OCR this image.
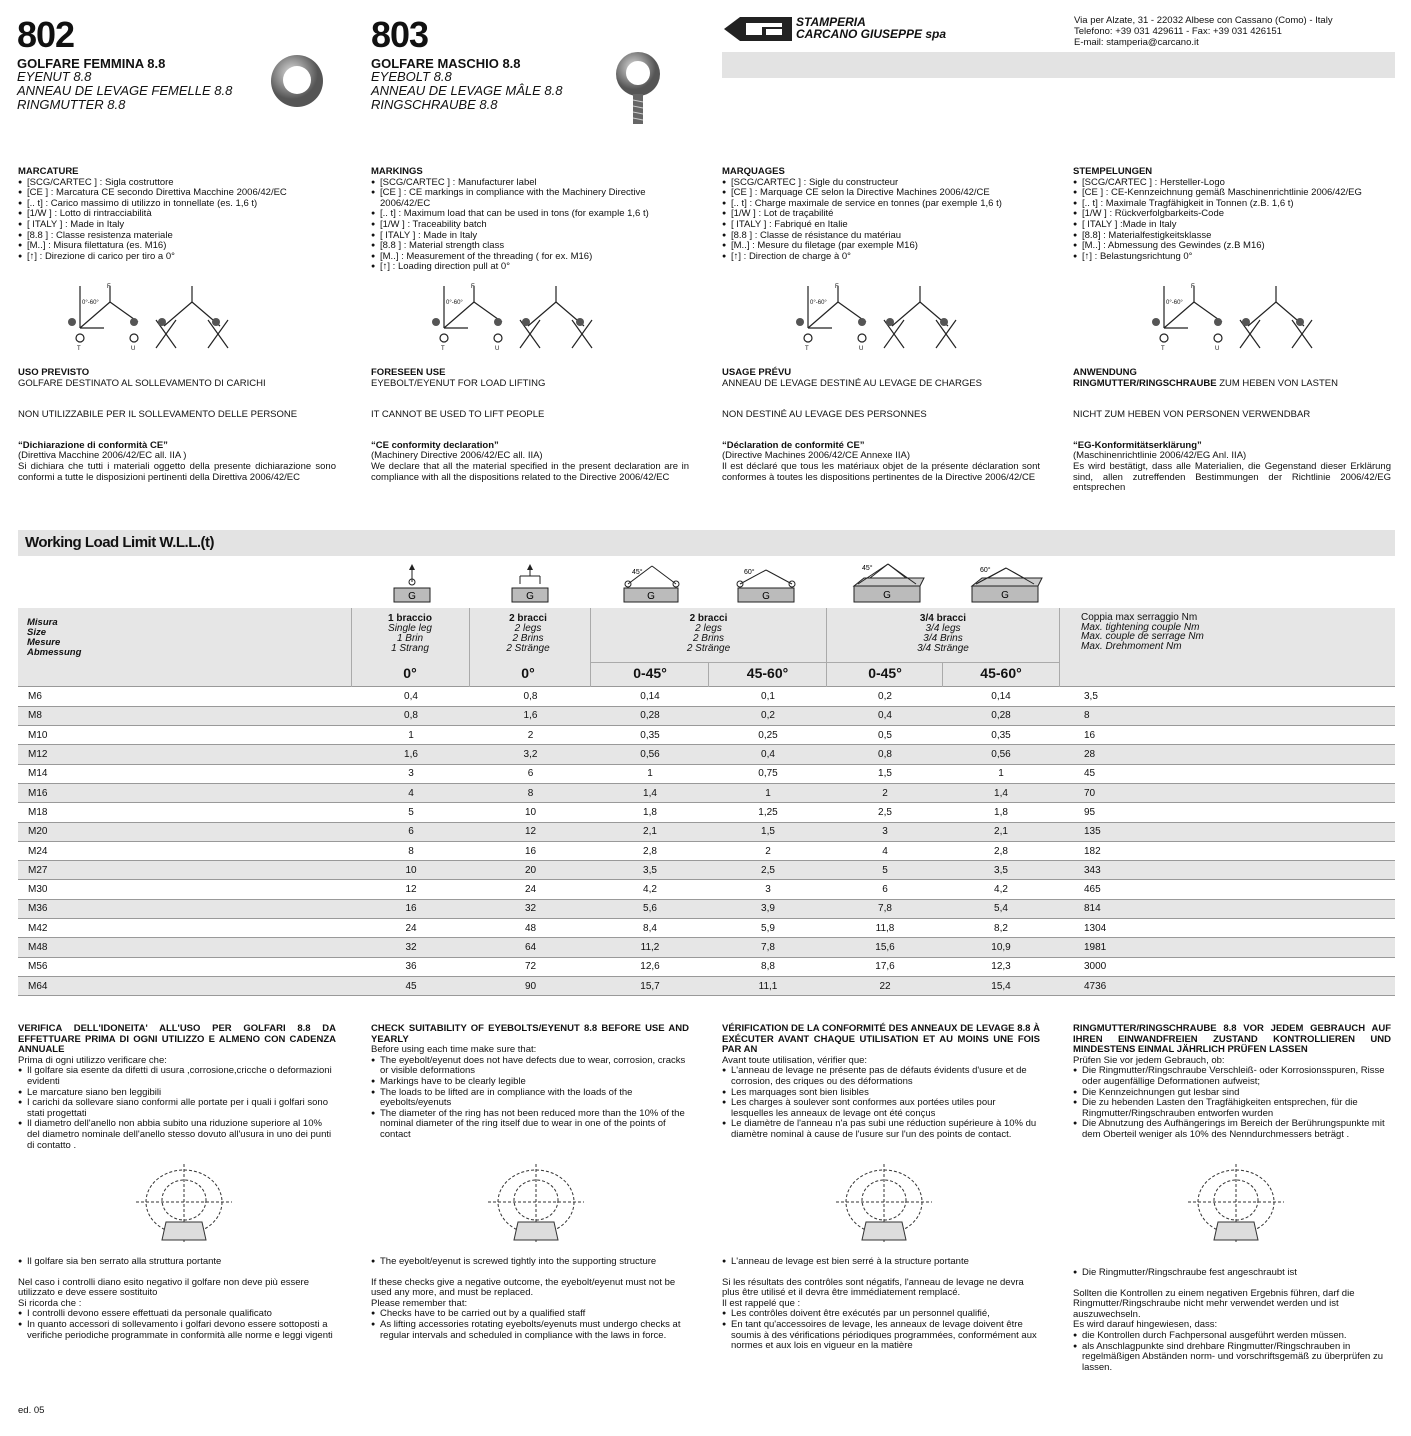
802
GOLFARE FEMMINA 8.8
EYENUT 8.8
ANNEAU DE LEVAGE FEMELLE 8.8
RINGMUTTER 8.8
803
GOLFARE MASCHIO 8.8
EYEBOLT 8.8
ANNEAU DE LEVAGE MÂLE 8.8
RINGSCHRAUBE 8.8
STAMPERIA
CARCANO GIUSEPPE spa
Via per Alzate, 31 - 22032 Albese con Cassano (Como) - Italy
Telefono: +39 031 429611 - Fax: +39 031 426151
E-mail: stamperia@carcano.it
MARCATURE
● [SCG/CARTEC ] : Sigla costruttore
● [CE ] : Marcatura CE secondo Direttiva Macchine 2006/42/EC
● [.. t] : Carico massimo di utilizzo in tonnellate (es. 1,6 t)
● [1/W ] : Lotto di rintracciabilità
● [ ITALY ] : Made in Italy
● [8.8 ] : Classe resistenza materiale
● [M..] : Misura filettatura (es. M16)
● [↑] : Direzione di carico per tiro a 0°
MARKINGS
● [SCG/CARTEC ] : Manufacturer label
● [CE ] : CE markings in compliance with the Machinery Directive 2006/42/EC
● [.. t] : Maximum load that can be used in tons (for example 1,6 t)
● [1/W ] : Traceability batch
● [ ITALY ] : Made in Italy
● [8.8 ] : Material strength class
● [M..] : Measurement of the threading ( for ex. M16)
● [↑] : Loading direction pull at 0°
MARQUAGES
● [SCG/CARTEC ] : Sigle du constructeur
● [CE ] : Marquage CE selon la Directive Machines 2006/42/CE
● [.. t] : Charge maximale de service en tonnes (par exemple 1,6 t)
● [1/W ] : Lot de traçabilité
● [ ITALY ] : Fabriqué en Italie
● [8.8 ] : Classe de résistance du matériau
● [M..] : Mesure du filetage (par exemple M16)
● [↑] : Direction de charge à 0°
STEMPELUNGEN
● [SCG/CARTEC ] : Hersteller-Logo
● [CE ] : CE-Kennzeichnung gemäß Maschinenrichtlinie 2006/42/EG
● [.. t] : Maximale Tragfähigkeit in Tonnen (z.B. 1,6 t)
● [1/W ] : Rückverfolgbarkeits-Code
● [ ITALY ] :Made in Italy
● [8.8] : Materialfestigkeitsklasse
● [M..] : Abmessung des Gewindes (z.B M16)
● [↑] : Belastungsrichtung 0°
0°-60°
F
T	U
0°-60°
F
T	U
0°-60°
F
T	U
0°-60°
F
T	U
USO PREVISTO

GOLFARE DESTINATO AL SOLLEVAMENTO DI CARICHI

NON UTILIZZABILE PER IL SOLLEVAMENTO DELLE PERSONE

“Dichiarazione di conformità CE”

(Direttiva Macchine 2006/42/EC all. IIA )

Si dichiara che tutti i materiali oggetto della presente dichiarazione sono conformi a tutte le disposizioni pertinenti della Direttiva 2006/42/EC

FORESEEN USE

EYEBOLT/EYENUT FOR LOAD LIFTING

IT CANNOT BE USED TO LIFT PEOPLE

“CE conformity declaration”

(Machinery Directive 2006/42/EC all. IIA)

We declare that all the material specified in the present declaration are in compliance with all the dispositions related to the Directive 2006/42/EC

USAGE PRÉVU

ANNEAU DE LEVAGE DESTINÉ AU LEVAGE DE CHARGES

NON DESTINÉ AU LEVAGE DES PERSONNES

“Déclaration de conformité CE”

(Directive Machines 2006/42/CE Annexe IIA)

Il est déclaré que tous les matériaux objet de la présente déclaration sont conformes à toutes les dispositions pertinentes de la Directive 2006/42/CE

ANWENDUNG

RINGMUTTER/RINGSCHRAUBE ZUM HEBEN VON LASTEN

NICHT ZUM HEBEN VON PERSONEN VERWENDBAR

“EG-Konformitätserklärung”

(Maschinenrichtlinie 2006/42/EG Anl. IIA)

Es wird bestätigt, dass alle Materialien, die Gegenstand dieser Erklärung sind, allen zutreffenden Bestimmungen der Richtlinie 2006/42/EG entsprechen

Working Load Limit W.L.L.(t)
G	G
45°
G
60°
G
45°
G
60°
G
Misura
Size
Mesure
Abmessung
1 braccio
Single leg
1 Brin
1 Strang
2 bracci
2 legs
2 Brins
2 Stränge
2 bracci
2 legs
2 Brins
2 Stränge
3/4 bracci
3/4 legs
3/4 Brins
3/4 Stränge
Coppia max serraggio Nm
Max. tightening couple Nm
Max. couple de serrage Nm
Max. Drehmoment Nm
0°	0°	0-45°	45-60°	0-45°	45-60°
M6	0,4	0,8	0,14	0,1	0,2	0,14	3,5
M8	0,8	1,6	0,28	0,2	0,4	0,28	8
M10	1	2	0,35	0,25	0,5	0,35	16
M12	1,6	3,2	0,56	0,4	0,8	0,56	28
M14	3	6	1	0,75	1,5	1	45
M16	4	8	1,4	1	2	1,4	70
M18	5	10	1,8	1,25	2,5	1,8	95
M20	6	12	2,1	1,5	3	2,1	135
M24	8	16	2,8	2	4	2,8	182
M27	10	20	3,5	2,5	5	3,5	343
M30	12	24	4,2	3	6	4,2	465
M36	16	32	5,6	3,9	7,8	5,4	814
M42	24	48	8,4	5,9	11,8	8,2	1304
M48	32	64	11,2	7,8	15,6	10,9	1981
M56	36	72	12,6	8,8	17,6	12,3	3000
M64	45	90	15,7	11,1	22	15,4	4736
VERIFICA DELL'IDONEITA' ALL'USO PER GOLFARI 8.8 DA EFFETTUARE PRIMA DI OGNI UTILIZZO E ALMENO CON CADENZA ANNUALE

Prima di ogni utilizzo verificare che:

● Il golfare sia esente da difetti di usura ,corrosione,cricche o deformazioni evidenti
● Le marcature siano ben leggibili
● I carichi da sollevare siano conformi alle portate per i quali i golfari sono stati progettati
● Il diametro dell'anello non abbia subito una riduzione superiore al 10% del diametro nominale dell'anello stesso dovuto all'usura in uno dei punti di contatto .
CHECK SUITABILITY OF EYEBOLTS/EYENUT 8.8 BEFORE USE AND YEARLY

Before using each time make sure that:

● The eyebolt/eyenut does not have defects due to wear, corrosion, cracks or visible deformations
● Markings have to be clearly legible
● The loads to be lifted are in compliance with the loads of the eyebolts/eyenuts
● The diameter of the ring has not been reduced more than the 10% of the nominal diameter of the ring itself due to wear in one of the points of contact
VÉRIFICATION DE LA CONFORMITÉ DES ANNEAUX DE LEVAGE 8.8 À EXÉCUTER AVANT CHAQUE UTILISATION ET AU MOINS UNE FOIS PAR AN

Avant toute utilisation, vérifier que:

● L'anneau de levage ne présente pas de défauts évidents d'usure et de corrosion, des criques ou des déformations
● Les marquages sont bien lisibles
● Les charges à soulever sont conformes aux portées utiles pour lesquelles les anneaux de levage ont été conçus
● Le diamètre de l'anneau n'a pas subi une réduction supérieure à 10% du diamètre nominal à cause de l'usure sur l'un des points de contact.
RINGMUTTER/RINGSCHRAUBE 8.8 VOR JEDEM GEBRAUCH AUF IHREN EINWANDFREIEN ZUSTAND KONTROLLIEREN UND MINDESTENS EINMAL JÄHRLICH PRÜFEN LASSEN

Prüfen Sie vor jedem Gebrauch, ob:

● Die Ringmutter/Ringschraube Verschleiß- oder Korrosionsspuren, Risse oder augenfällige Deformationen aufweist;
● Die Kennzeichnungen gut lesbar sind
● Die zu hebenden Lasten den Tragfähigkeiten entsprechen, für die Ringmutter/Ringschrauben entworfen wurden
● Die Abnutzung des Aufhängerings im Bereich der Berührungspunkte mit dem Oberteil weniger als 10% des Nenndurchmessers beträgt .
● Il golfare sia ben serrato alla struttura portante

Nel caso i controlli diano esito negativo il golfare non deve più essere utilizzato e deve essere sostituito

Si ricorda che :

● I controlli devono essere effettuati da personale qualificato
● In quanto accessori di sollevamento i golfari devono essere sottoposti a verifiche periodiche programmate in conformità alle norme e leggi vigenti
● The eyebolt/eyenut is screwed tightly into the supporting structure

If these checks give a negative outcome, the eyebolt/eyenut must not be used any more, and must be replaced.

Please remember that:

● Checks have to be carried out by a qualified staff
● As lifting accessories rotating eyebolts/eyenuts must undergo checks at regular intervals and scheduled in compliance with the laws in force.
● L'anneau de levage est bien serré à la structure portante

Si les résultats des contrôles sont négatifs, l'anneau de levage ne devra plus être utilisé et il devra être immédiatement remplacé.

Il est rappelé que :

● Les contrôles doivent être exécutés par un personnel qualifié,
● En tant qu'accessoires de levage, les anneaux de levage doivent être soumis à des vérifications périodiques programmées, conformément aux normes et aux lois en vigueur en la matière
● Die Ringmutter/Ringschraube fest angeschraubt ist

Sollten die Kontrollen zu einem negativen Ergebnis führen, darf die Ringmutter/Ringschraube nicht mehr verwendet werden und ist auszuwechseln.

Es wird darauf hingewiesen, dass:

● die Kontrollen durch Fachpersonal ausgeführt werden müssen.
● als Anschlagpunkte sind drehbare Ringmutter/Ringschrauben in regelmäßigen Abständen norm- und vorschriftsgemäß zu überprüfen zu lassen.
ed. 05
